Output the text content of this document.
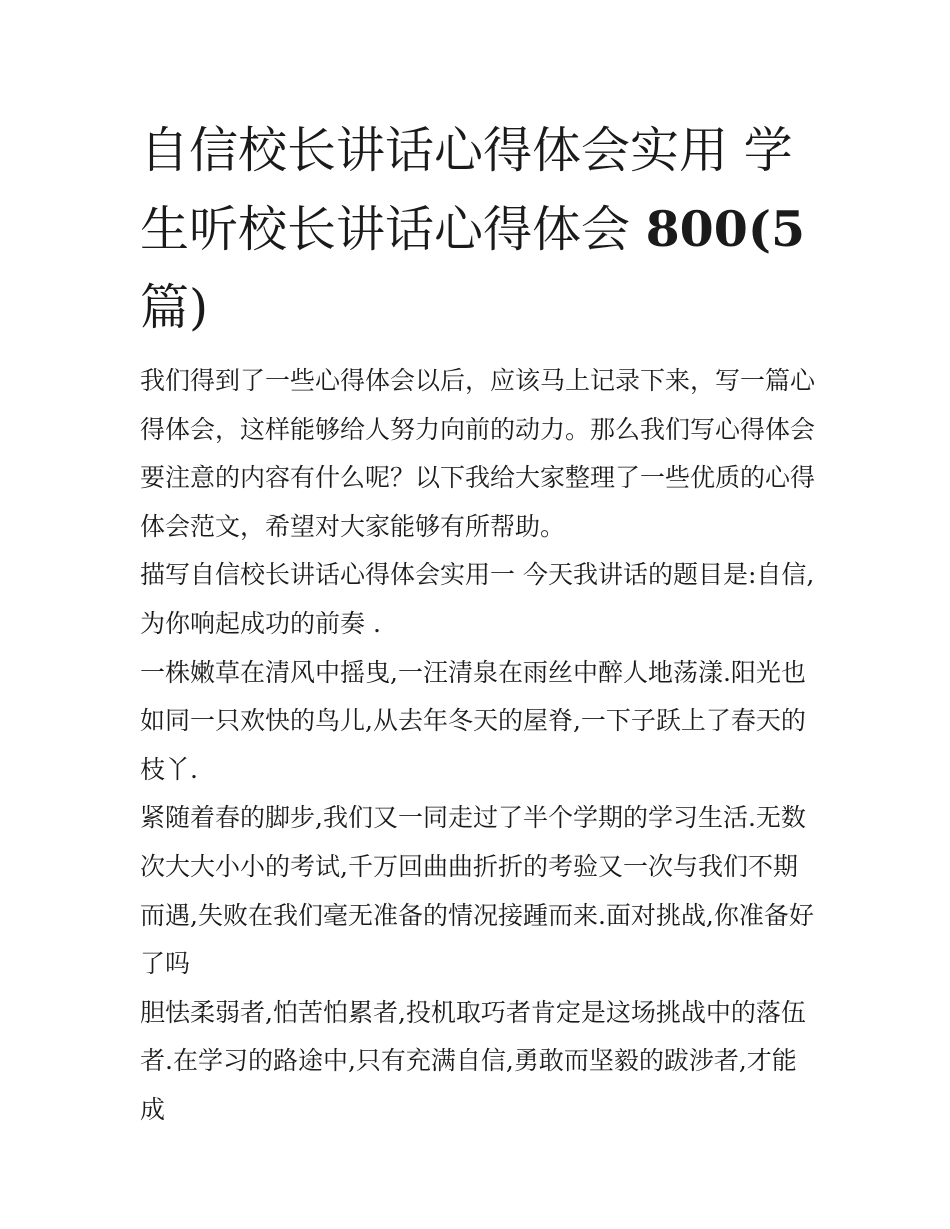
自信校长讲话心得体会实用 学生听校长讲话心得体会 800(5
篇)

我们得到了一些心得体会以后，应该马上记录下来，写一篇心得体会，这样能够给人努力向前的动力。那么我们写心得体会要注意的内容有什么呢？以下我给大家整理了一些优质的心得体会范文，希望对大家能够有所帮助。

描写自信校长讲话心得体会实用一 今天我讲话的题目是:自信,为你响起成功的前奏 .

一株嫩草在清风中摇曳,一汪清泉在雨丝中醉人地荡漾.阳光也如同一只欢快的鸟儿,从去年冬天的屋脊,一下子跃上了春天的枝丫.

紧随着春的脚步,我们又一同走过了半个学期的学习生活.无数次大大小小的考试,千万回曲曲折折的考验又一次与我们不期而遇,失败在我们毫无准备的情况接踵而来.面对挑战,你准备好了吗

胆怯柔弱者,怕苦怕累者,投机取巧者肯定是这场挑战中的落伍者.在学习的路途中,只有充满自信,勇敢而坚毅的跋涉者,才能成
